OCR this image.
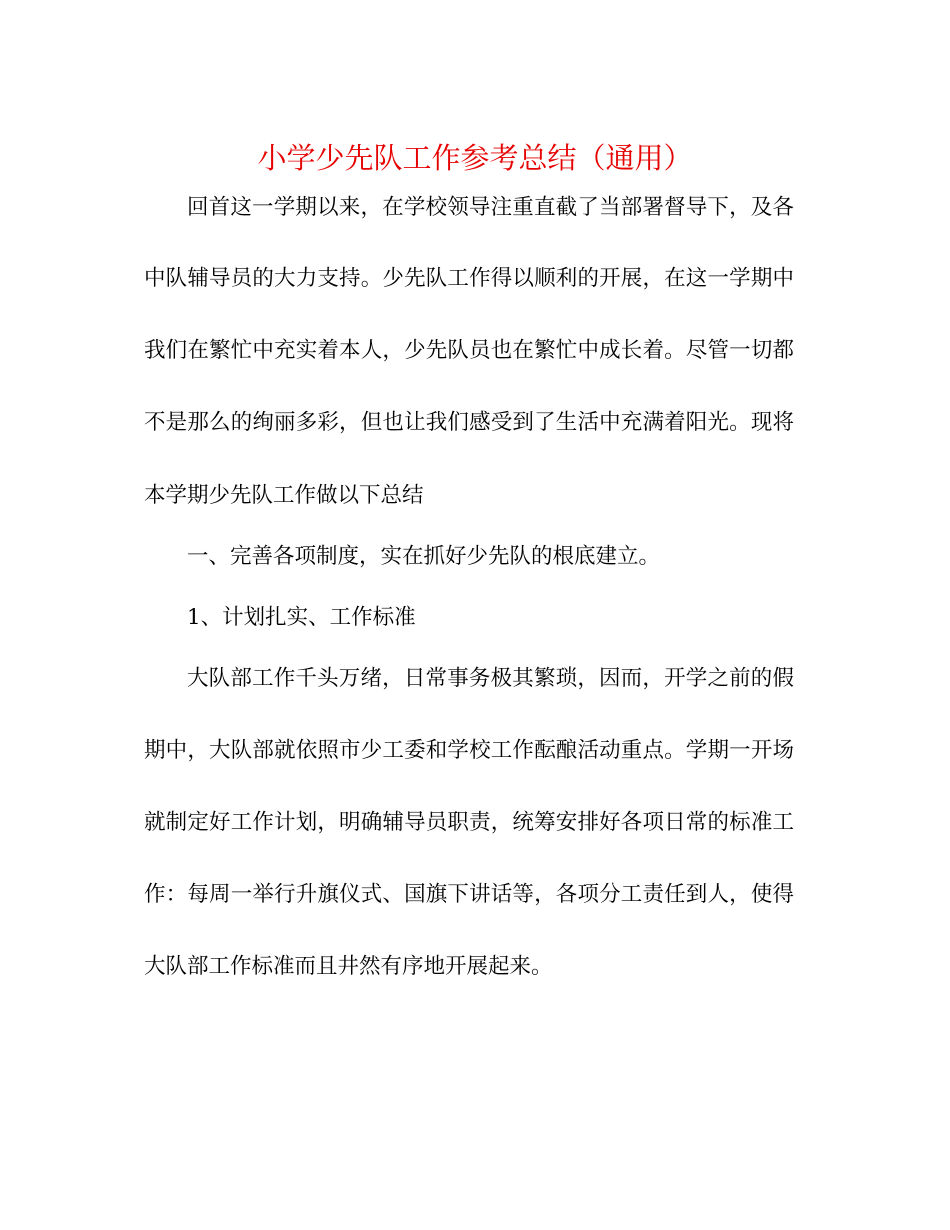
小学少先队工作参考总结（通用）

回首这一学期以来，在学校领导注重直截了当部署督导下，及各

中队辅导员的大力支持。少先队工作得以顺利的开展，在这一学期中

我们在繁忙中充实着本人，少先队员也在繁忙中成长着。尽管一切都

不是那么的绚丽多彩，但也让我们感受到了生活中充满着阳光。现将

本学期少先队工作做以下总结

一、完善各项制度，实在抓好少先队的根底建立。

1、计划扎实、工作标准

大队部工作千头万绪，日常事务极其繁琐，因而，开学之前的假

期中，大队部就依照市少工委和学校工作酝酿活动重点。学期一开场

就制定好工作计划，明确辅导员职责，统筹安排好各项日常的标准工

作：每周一举行升旗仪式、国旗下讲话等，各项分工责任到人，使得

大队部工作标准而且井然有序地开展起来。
